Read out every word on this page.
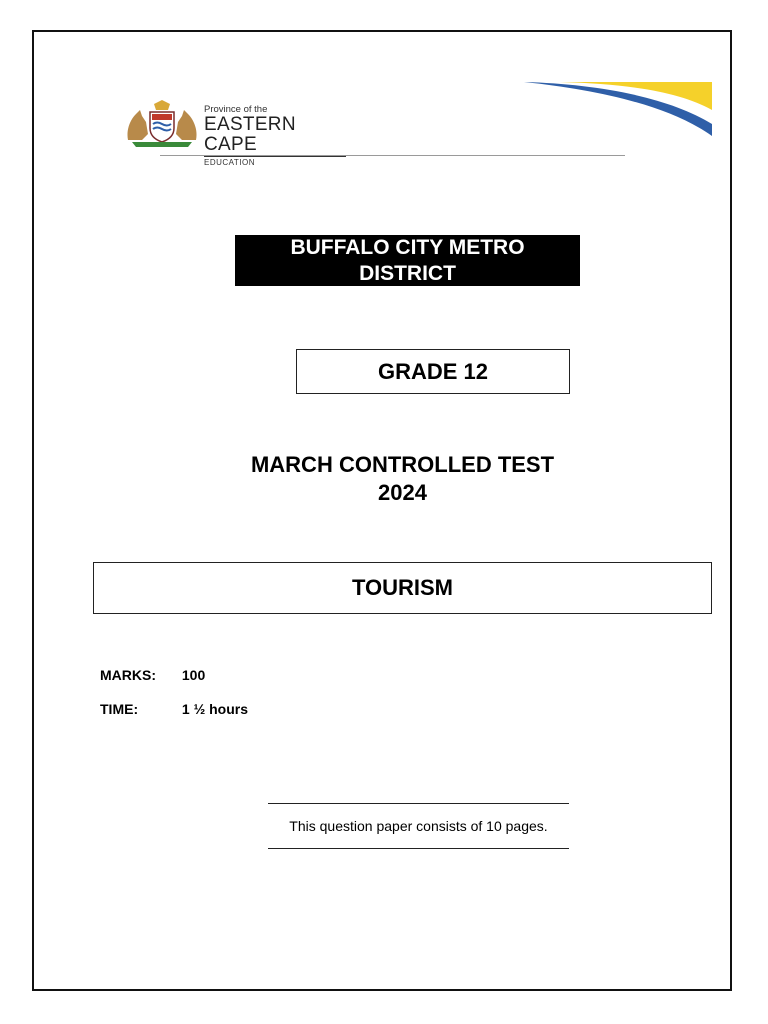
Province of the
EASTERN CAPE
EDUCATION
BUFFALO CITY METRO
DISTRICT
GRADE 12
MARCH CONTROLLED TEST
2024
TOURISM
MARKS: 100
TIME:	1 ½ hours
This question paper consists of 10 pages.
